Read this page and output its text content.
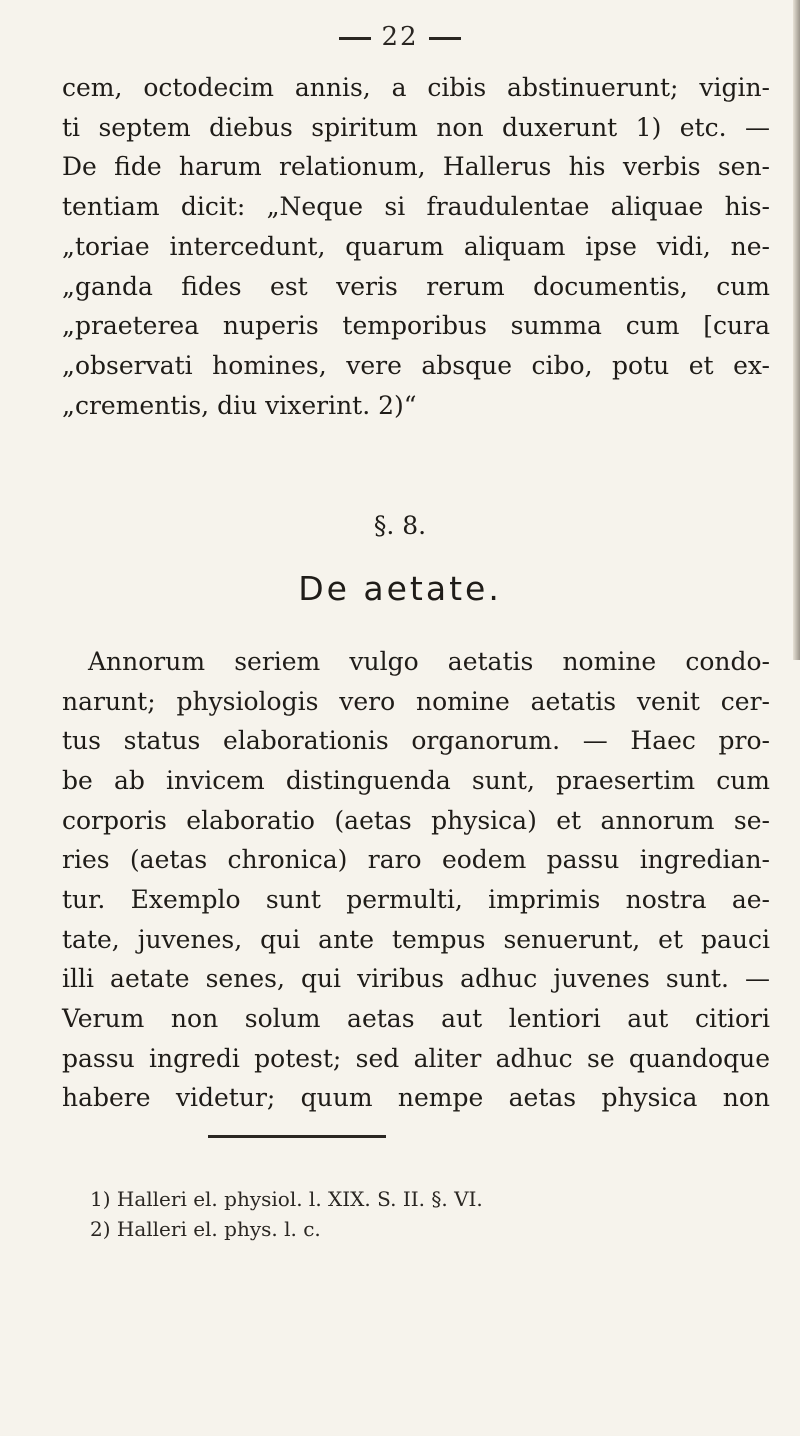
22
cem, octodecim annis, a cibis abstinuerunt; vigin-
ti septem diebus spiritum non duxerunt 1) etc. —
De fide harum relationum, Hallerus his verbis sen-
tentiam dicit: „Neque si fraudulentae aliquae his-
„toriae intercedunt, quarum aliquam ipse vidi, ne-
„ganda fides est veris rerum documentis, cum
„praeterea nuperis temporibus summa cum [cura
„observati homines, vere absque cibo, potu et ex-
„crementis, diu vixerint. 2)“
§. 8.
De aetate.
Annorum seriem vulgo aetatis nomine condo-
narunt; physiologis vero nomine aetatis venit cer-
tus status elaborationis organorum. — Haec pro-
be ab invicem distinguenda sunt, praesertim cum
corporis elaboratio (aetas physica) et annorum se-
ries (aetas chronica) raro eodem passu ingredian-
tur. Exemplo sunt permulti, imprimis nostra ae-
tate, juvenes, qui ante tempus senuerunt, et pauci
illi aetate senes, qui viribus adhuc juvenes sunt. —
Verum non solum aetas aut lentiori aut citiori
passu ingredi potest; sed aliter adhuc se quandoque
habere videtur; quum nempe aetas physica non
1) Halleri el. physiol. l. XIX. S. II. §. VI.
2) Halleri el. phys. l. c.
